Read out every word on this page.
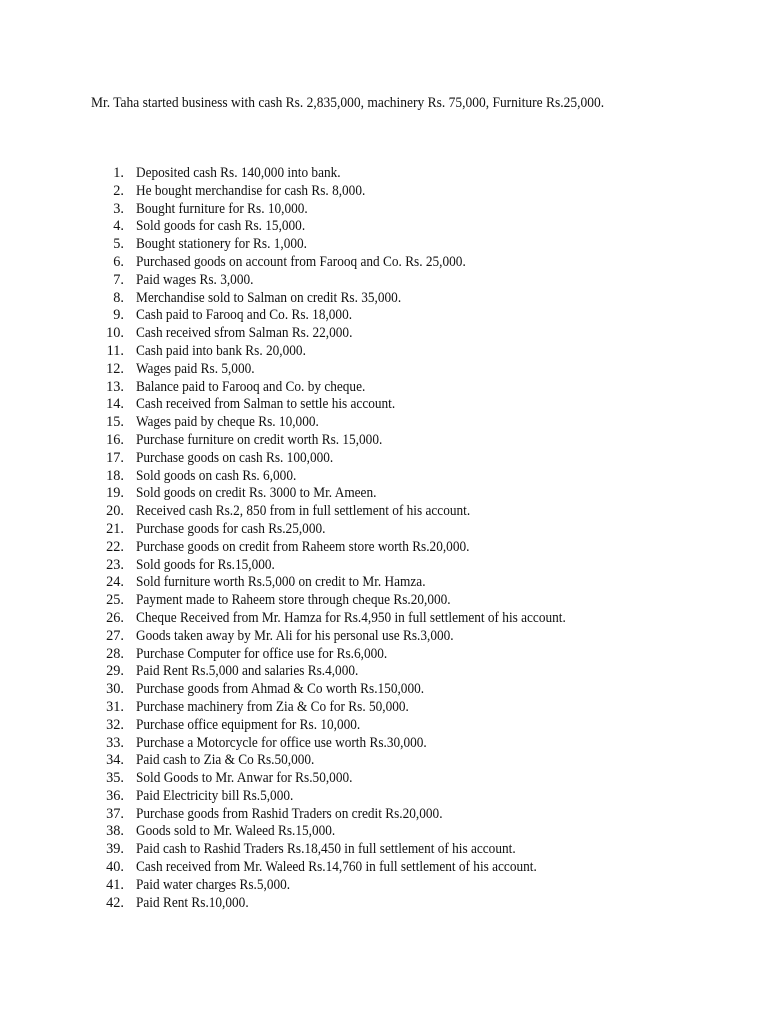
Mr. Taha started business with cash Rs. 2,835,000, machinery Rs. 75,000, Furniture Rs.25,000.
1. Deposited cash Rs. 140,000 into bank.
2. He bought merchandise for cash Rs. 8,000.
3. Bought furniture for Rs. 10,000.
4. Sold goods for cash Rs. 15,000.
5. Bought stationery for Rs. 1,000.
6. Purchased goods on account from Farooq and Co. Rs. 25,000.
7. Paid wages Rs. 3,000.
8. Merchandise sold to Salman on credit Rs. 35,000.
9. Cash paid to Farooq and Co. Rs. 18,000.
10. Cash received sfrom Salman Rs. 22,000.
11. Cash paid into bank Rs. 20,000.
12. Wages paid Rs. 5,000.
13. Balance paid to Farooq and Co. by cheque.
14. Cash received from Salman to settle his account.
15. Wages paid by cheque Rs. 10,000.
16. Purchase furniture on credit worth Rs. 15,000.
17. Purchase goods on cash Rs. 100,000.
18. Sold goods on cash Rs. 6,000.
19. Sold goods on credit Rs. 3000 to Mr. Ameen.
20. Received cash Rs.2, 850 from in full settlement of his account.
21. Purchase goods for cash Rs.25,000.
22. Purchase goods on credit from Raheem store worth Rs.20,000.
23. Sold goods for Rs.15,000.
24. Sold furniture worth Rs.5,000 on credit to Mr. Hamza.
25. Payment made to Raheem store through cheque Rs.20,000.
26. Cheque Received from Mr. Hamza for Rs.4,950 in full settlement of his account.
27. Goods taken away by Mr. Ali for his personal use Rs.3,000.
28. Purchase Computer for office use for Rs.6,000.
29. Paid Rent Rs.5,000 and salaries Rs.4,000.
30. Purchase goods from Ahmad & Co worth Rs.150,000.
31. Purchase machinery from Zia & Co for Rs. 50,000.
32. Purchase office equipment for Rs. 10,000.
33. Purchase a Motorcycle for office use worth Rs.30,000.
34. Paid cash to Zia & Co Rs.50,000.
35. Sold Goods to Mr. Anwar for Rs.50,000.
36. Paid Electricity bill Rs.5,000.
37. Purchase goods from Rashid Traders on credit Rs.20,000.
38. Goods sold to Mr. Waleed Rs.15,000.
39. Paid cash to Rashid Traders Rs.18,450 in full settlement of his account.
40. Cash received from Mr. Waleed Rs.14,760 in full settlement of his account.
41. Paid water charges Rs.5,000.
42. Paid Rent Rs.10,000.
